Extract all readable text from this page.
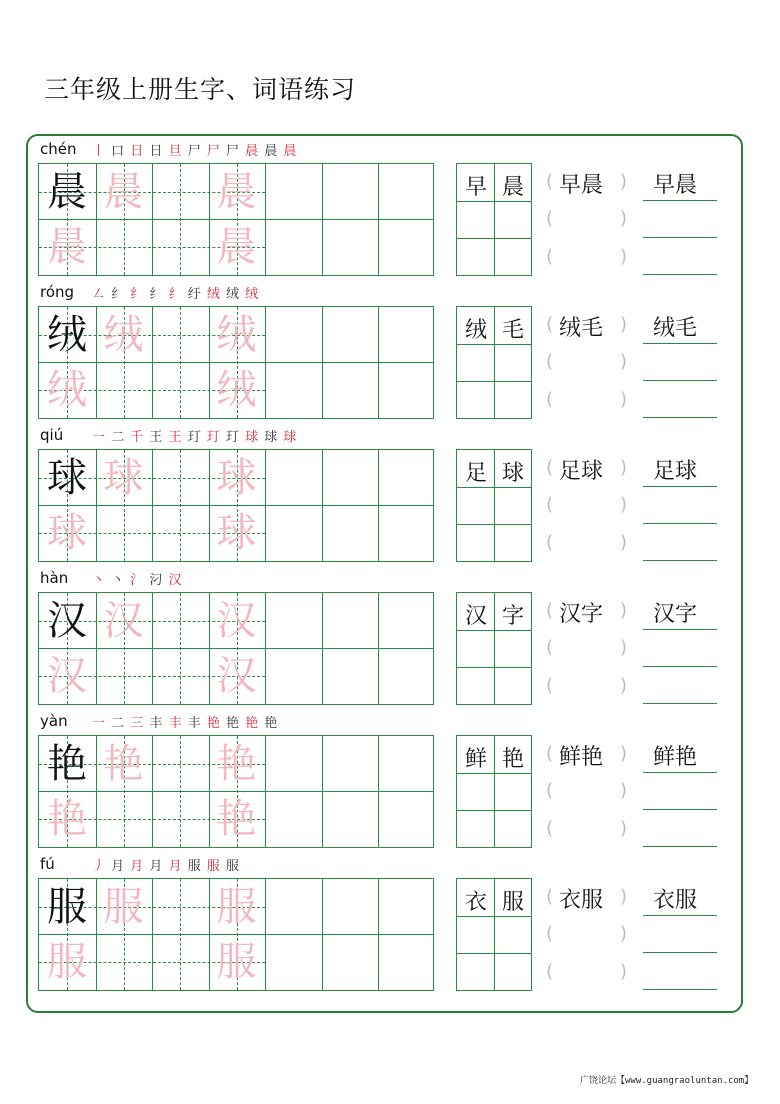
三年级上册生字、词语练习
chén 丨 口 日 日 旦 尸 尸 尸 晨 晨 晨
晨 晨 晨
晨	晨
早 晨	(	)
(	)
(	)
早晨 早晨
róng ㇜ 纟 纟 纟 纟 纡 绒 绒 绒
绒 绒 绒
绒	绒
绒 毛	(	)
(	)
(	)
绒毛 绒毛
qiú 一 二 千 王 王 玎 玎 玎 球 球 球
球 球 球
球	球
足 球	(	)
(	)
(	)
足球 足球
hàn 丶 丶 氵 汈 汉
汉 汉 汉
汉	汉
汉 字	(	)
(	)
(	)
汉字 汉字
yàn 一 二 三 丰 丰 丰 艳 艳 艳 艳
艳 艳 艳
艳	艳
鲜 艳	(	)
(	)
(	)
鲜艳 鲜艳
fú	丿 月 月 月 月 服 服 服
服 服 服
服	服
衣 服	(	)
(	)
(	)
衣服 衣服
广饶论坛【www.guangraoluntan.com】
